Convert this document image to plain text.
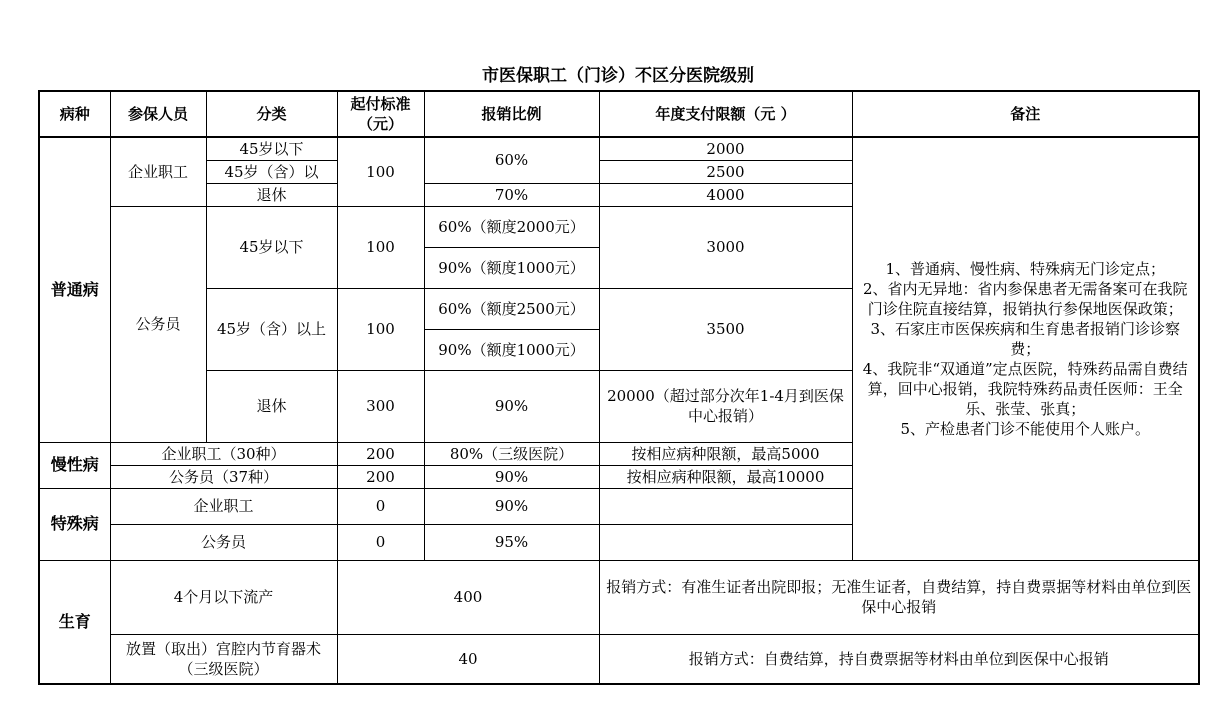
市医保职工（门诊）不区分医院级别
病种	参保人员	分类	起付标准（元）	报销比例	年度支付限额（元 ）	备注
普通病	企业职工	45岁以下	100	60%	2000	1、普通病、慢性病、特殊病无门诊定点；
2、省内无异地：省内参保患者无需备案可在我院门诊住院直接结算，报销执行参保地医保政策；
3、石家庄市医保疾病和生育患者报销门诊诊察费；
4、我院非“双通道”定点医院，特殊药品需自费结算，回中心报销，我院特殊药品责任医师：王全乐、张莹、张真；
5、产检患者门诊不能使用个人账户。

		45岁（含）以			2500	
		退休		70%	4000	
	公务员	45岁以下	100	60%（额度2000元）	3000	
				90%（额度1000元）		
		45岁（含）以上	100	60%（额度2500元）	3500	
				90%（额度1000元）		
		退休	300	90%	20000（超过部分次年1-4月到医保中心报销）	

慢性病	企业职工（30种）		200	80%（三级医院）	按相应病种限额，最高5000	
	公务员（37种）		200	90%	按相应病种限额，最高10000	
特殊病	企业职工		0	90%		
	公务员		0	95%		
生育	4个月以下流产		400		报销方式：有准生证者出院即报；无准生证者，自费结算，持自费票据等材料由单位到医保中心报销	
	放置（取出）宫腔内节育器术 （三级医院）		40		报销方式：自费结算，持自费票据等材料由单位到医保中心报销	
